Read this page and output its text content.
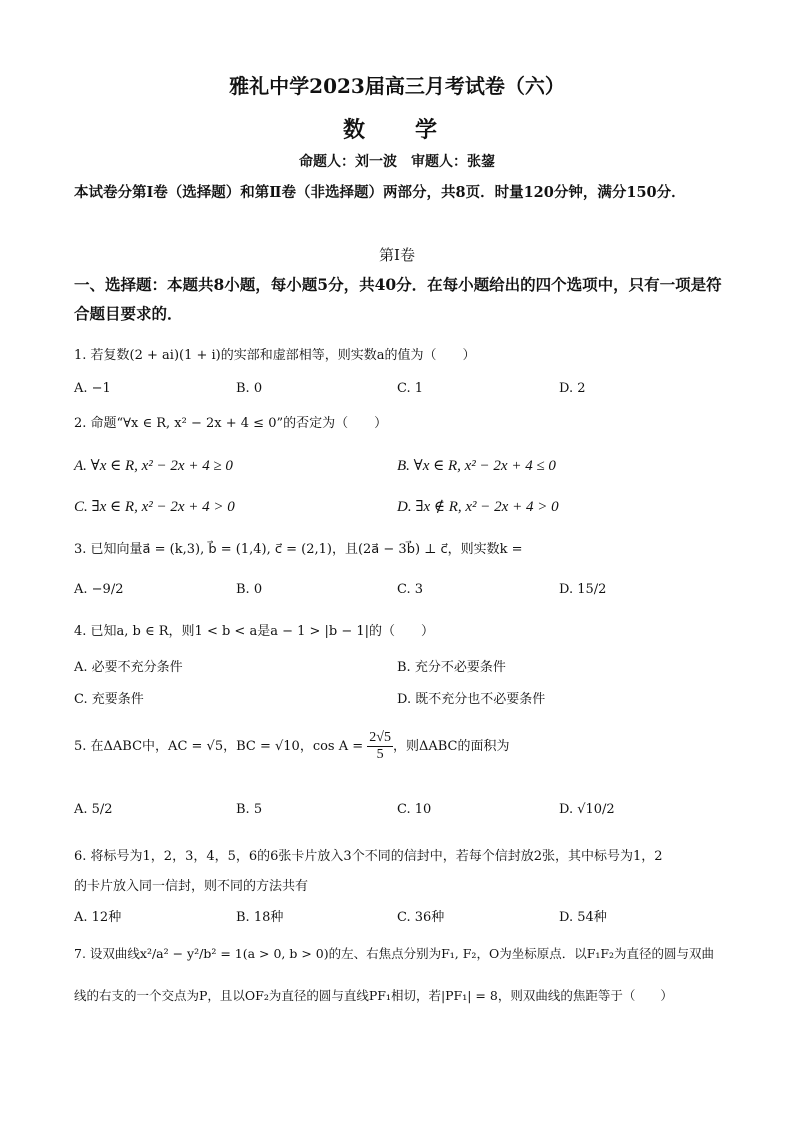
雅礼中学2023届高三月考试卷（六）
数　学
命题人：刘一波　审题人：张鋆
本试卷分第Ⅰ卷（选择题）和第Ⅱ卷（非选择题）两部分，共8页．时量120分钟，满分150分．
第Ⅰ卷
一、选择题：本题共8小题，每小题5分，共40分．在每小题给出的四个选项中，只有一项是符合题目要求的．
1. 若复数(2 + ai)(1 + i)的实部和虚部相等，则实数a的值为（　　）
A. −1	B. 0	C. 1	D. 2
2. 命题“∀x ∈ R, x² − 2x + 4 ≤ 0”的否定为（　　）
A. ∀x ∈ R, x² − 2x + 4 ≥ 0	B. ∀x ∈ R, x² − 2x + 4 ≤ 0
C. ∃x ∈ R, x² − 2x + 4 > 0	D. ∃x ∉ R, x² − 2x + 4 > 0
3. 已知向量a⃗ = (k,3), b⃗ = (1,4), c⃗ = (2,1)，且(2a⃗ − 3b⃗) ⊥ c⃗，则实数k =
A. −9/2	B. 0	C. 3	D. 15/2
4. 已知a, b ∈ R，则1 < b < a是a − 1 > |b − 1|的（　　）
A. 必要不充分条件	B. 充分不必要条件
C. 充要条件	D. 既不充分也不必要条件
5. 在ΔABC中，AC = √5，BC = √10，$\cos A = \frac{2√5}{5}$ ，则ΔABC的面积为
A. 5/2	B. 5	C. 10	D. √10/2
6. 将标号为1，2，3，4，5，6的6张卡片放入3个不同的信封中，若每个信封放2张，其中标号为1，2
的卡片放入同一信封，则不同的方法共有
A. 12种	B. 18种	C. 36种	D. 54种
7. 设双曲线x²/a² − y²/b² = 1(a > 0, b > 0)的左、右焦点分别为F₁, F₂，O为坐标原点．以F₁F₂为直径的圆与双曲
线的右支的一个交点为P，且以OF₂为直径的圆与直线PF₁相切，若|PF₁| = 8，则双曲线的焦距等于（　　）
